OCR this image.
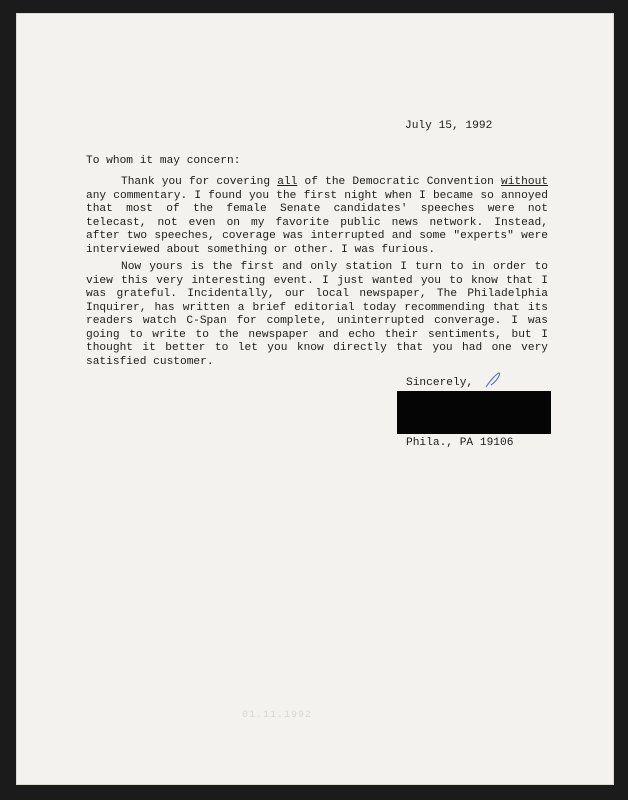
July 15, 1992
To whom it may concern:
Thank you for covering all of the Democratic Convention without any commentary. I found you the first night when I became so annoyed that most of the female Senate candidates' speeches were not telecast, not even on my favorite public news network. Instead, after two speeches, coverage was interrupted and some "experts" were interviewed about something or other. I was furious.
Now yours is the first and only station I turn to in order to view this very interesting event. I just wanted you to know that I was grateful. Incidentally, our local newspaper, The Philadelphia Inquirer, has written a brief editorial today recommending that its readers watch C-Span for complete, uninterrupted converage. I was going to write to the newspaper and echo their sentiments, but I thought it better to let you know directly that you had one very satisfied customer.
Sincerely,
Phila., PA 19106
01.11.1992
